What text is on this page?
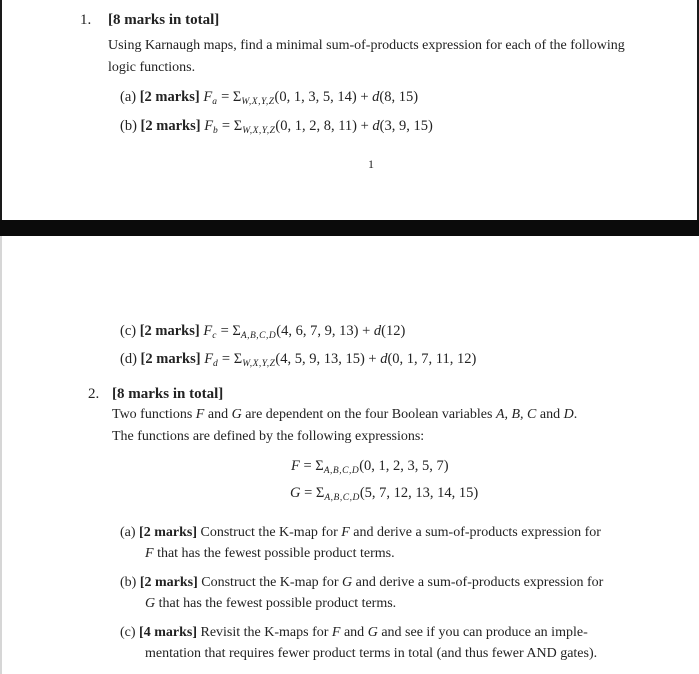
1. [8 marks in total]
Using Karnaugh maps, find a minimal sum-of-products expression for each of the following
logic functions.
(a) [2 marks] $F_a = \Sigma_{W,X,Y,Z}(0$, 1, 3, 5, 14) + d(8, 15)
(b) [2 marks] $F_b = \Sigma_{W,X,Y,Z}(0$, 1, 2, 8, 11) + d(3, 9, 15)
1
(c) [2 marks] $F_c = \Sigma_{A,B,C,D}(4$, 6, 7, 9, 13) + d(12)
(d) [2 marks] $F_d = \Sigma_{W,X,Y,Z}(4$, 5, 9, 13, 15) + d(0, 1, 7, 11, 12)
2. [8 marks in total]
Two functions F and G are dependent on the four Boolean variables A, B, C and D.
The functions are defined by the following expressions:
$F = \Sigma_{A,B,C,D}(0$, 1, 2, 3, 5, 7)
$G = \Sigma_{A,B,C,D}(5$, 7, 12, 13, 14, 15)
(a) [2 marks] Construct the K-map for F and derive a sum-of-products expression for
F that has the fewest possible product terms.
(b) [2 marks] Construct the K-map for G and derive a sum-of-products expression for
G that has the fewest possible product terms.
(c) [4 marks] Revisit the K-maps for F and G and see if you can produce an imple-
mentation that requires fewer product terms in total (and thus fewer AND gates).
